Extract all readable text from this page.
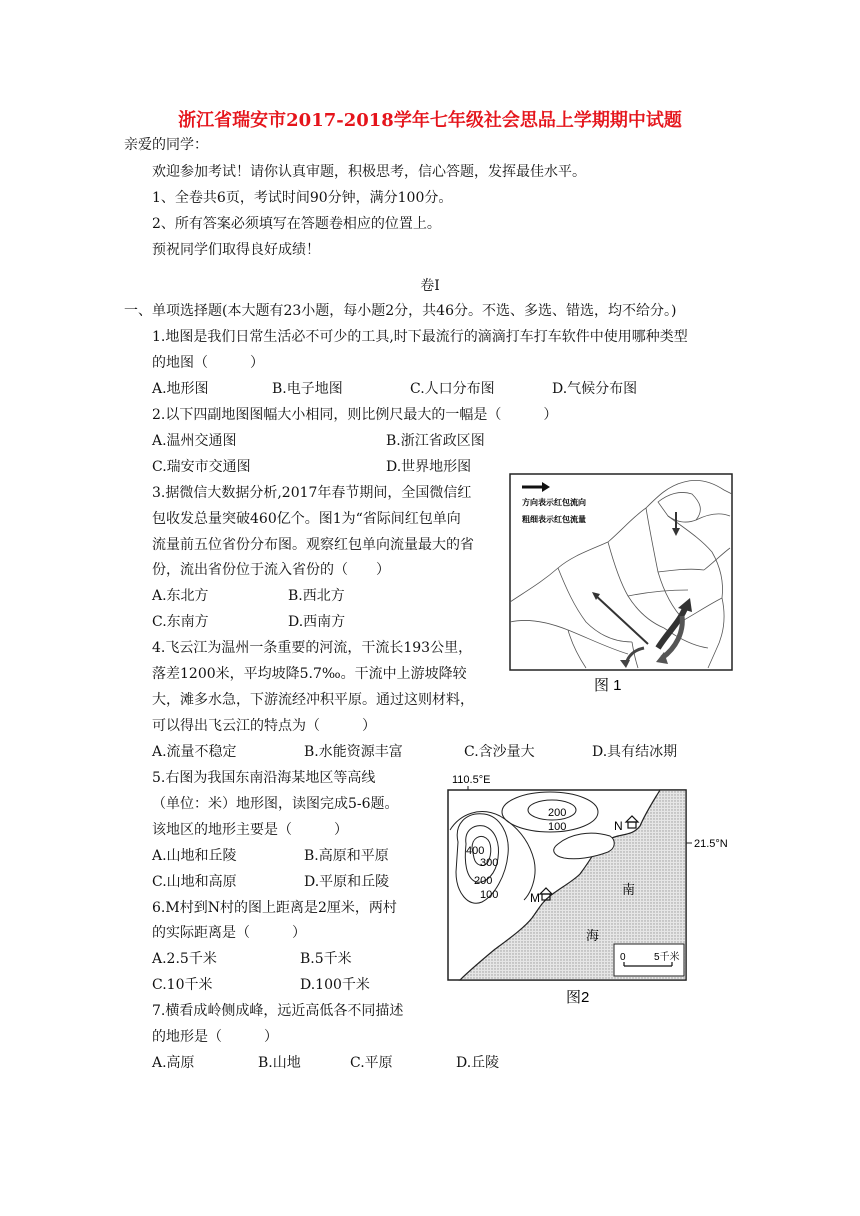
浙江省瑞安市2017-2018学年七年级社会思品上学期期中试题
亲爱的同学：
欢迎参加考试！请你认真审题，积极思考，信心答题，发挥最佳水平。
1、全卷共6页，考试时间90分钟，满分100分。
2、所有答案必须填写在答题卷相应的位置上。
预祝同学们取得良好成绩！
卷Ⅰ
一、单项选择题(本大题有23小题，每小题2分，共46分。不选、多选、错选，均不给分。)
1.地图是我们日常生活必不可少的工具,时下最流行的滴滴打车打车软件中使用哪种类型
的地图（　　　）
A.地形图	B.电子地图	C.人口分布图	D.气候分布图
2.以下四副地图图幅大小相同，则比例尺最大的一幅是（　　　）
A.温州交通图	B.浙江省政区图
C.瑞安市交通图	D.世界地形图
3.据微信大数据分析,2017年春节期间，全国微信红
包收发总量突破460亿个。图1为“省际间红包单向
流量前五位省份分布图。观察红包单向流量最大的省
份，流出省份位于流入省份的（　　）
A.东北方	B.西北方
C.东南方	D.西南方
4.飞云江为温州一条重要的河流，干流长193公里，
落差1200米，平均坡降5.7‰。干流中上游坡降较
大，滩多水急，下游流经冲积平原。通过这则材料，
可以得出飞云江的特点为（　　　）
A.流量不稳定	B.水能资源丰富	C.含沙量大	D.具有结冰期
5.右图为我国东南沿海某地区等高线
（单位：米）地形图，读图完成5-6题。
该地区的地形主要是（　　　）
A.山地和丘陵	B.高原和平原
C.山地和高原	D.平原和丘陵
6.M村到N村的图上距离是2厘米，两村
的实际距离是（　　　）
A.2.5千米	B.5千米
C.10千米	D.100千米
7.横看成岭侧成峰，远近高低各不同描述
的地形是（　　　）
A.高原	B.山地	C.平原	D.丘陵
方向表示红包流向
粗细表示红包流量
图 1
110.5°E
21.5°N
200
100
400
300
200
100
N
M
南
海
0	5千米
图2
